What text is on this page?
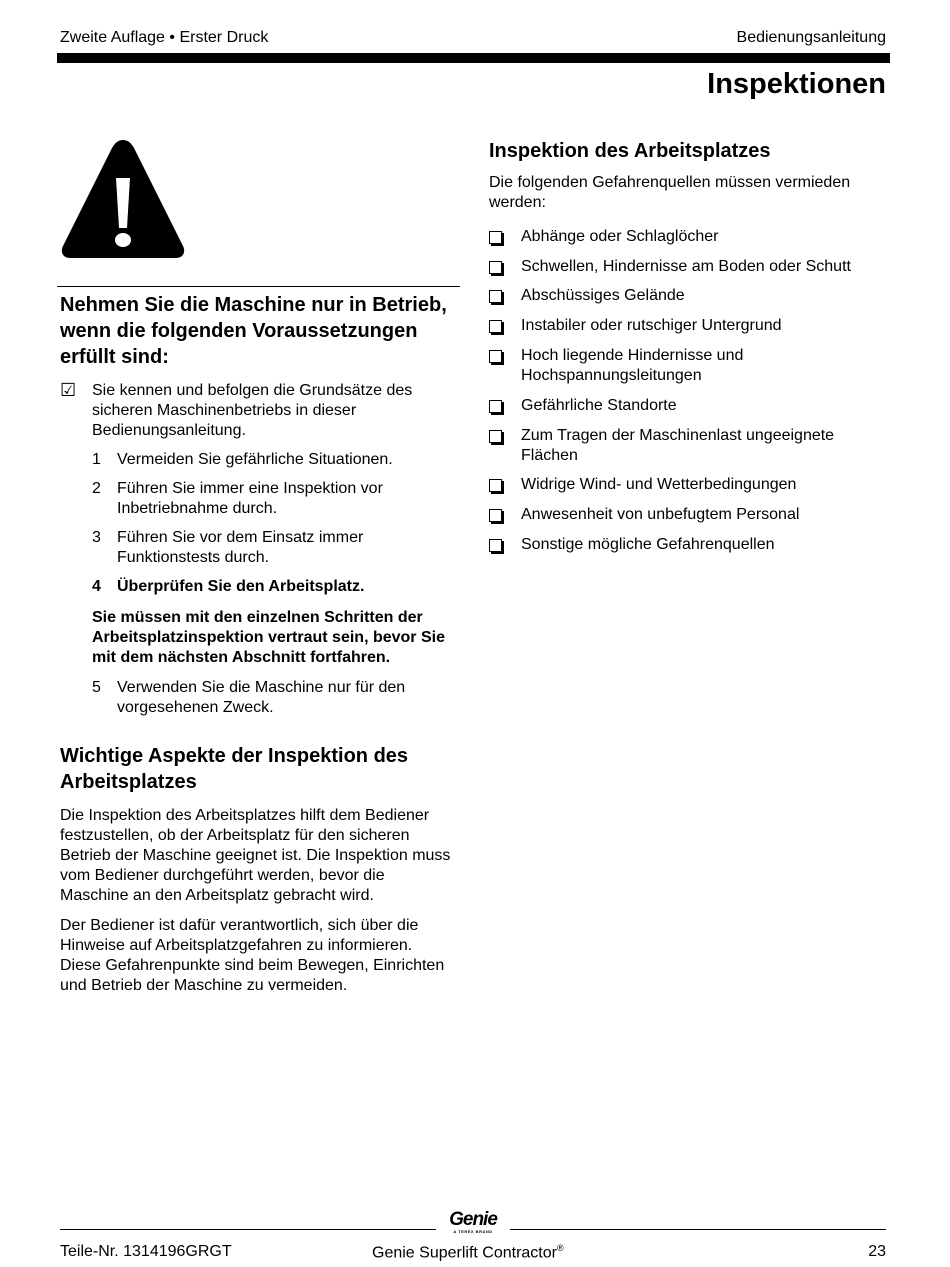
Zweite Auflage • Erster Druck	Bedienungsanleitung
Inspektionen
Nehmen Sie die Maschine nur in Betrieb, wenn die folgenden Voraussetzungen erfüllt sind:
☑ Sie kennen und befolgen die Grundsätze des sicheren Maschinenbetriebs in dieser Bedienungsanleitung.
1 Vermeiden Sie gefährliche Situationen.
2 Führen Sie immer eine Inspektion vor Inbetriebnahme durch.
3 Führen Sie vor dem Einsatz immer Funktionstests durch.
4 Überprüfen Sie den Arbeitsplatz.
Sie müssen mit den einzelnen Schritten der Arbeitsplatzinspektion vertraut sein, bevor Sie mit dem nächsten Abschnitt fortfahren.
5 Verwenden Sie die Maschine nur für den vorgesehenen Zweck.
Wichtige Aspekte der Inspektion des Arbeitsplatzes
Die Inspektion des Arbeitsplatzes hilft dem Bediener festzustellen, ob der Arbeitsplatz für den sicheren Betrieb der Maschine geeignet ist. Die Inspektion muss vom Bediener durchgeführt werden, bevor die Maschine an den Arbeitsplatz gebracht wird.
Der Bediener ist dafür verantwortlich, sich über die Hinweise auf Arbeitsplatzgefahren zu informieren. Diese Gefahrenpunkte sind beim Bewegen, Einrichten und Betrieb der Maschine zu vermeiden.
Inspektion des Arbeitsplatzes
Die folgenden Gefahrenquellen müssen vermieden werden:
Abhänge oder Schlaglöcher
Schwellen, Hindernisse am Boden oder Schutt
Abschüssiges Gelände
Instabiler oder rutschiger Untergrund
Hoch liegende Hindernisse und Hochspannungsleitungen
Gefährliche Standorte
Zum Tragen der Maschinenlast ungeeignete Flächen
Widrige Wind- und Wetterbedingungen
Anwesenheit von unbefugtem Personal
Sonstige mögliche Gefahrenquellen
Genie
A TEREX BRAND
Teile-Nr. 1314196GRGT	Genie Superlift Contractor®	23
